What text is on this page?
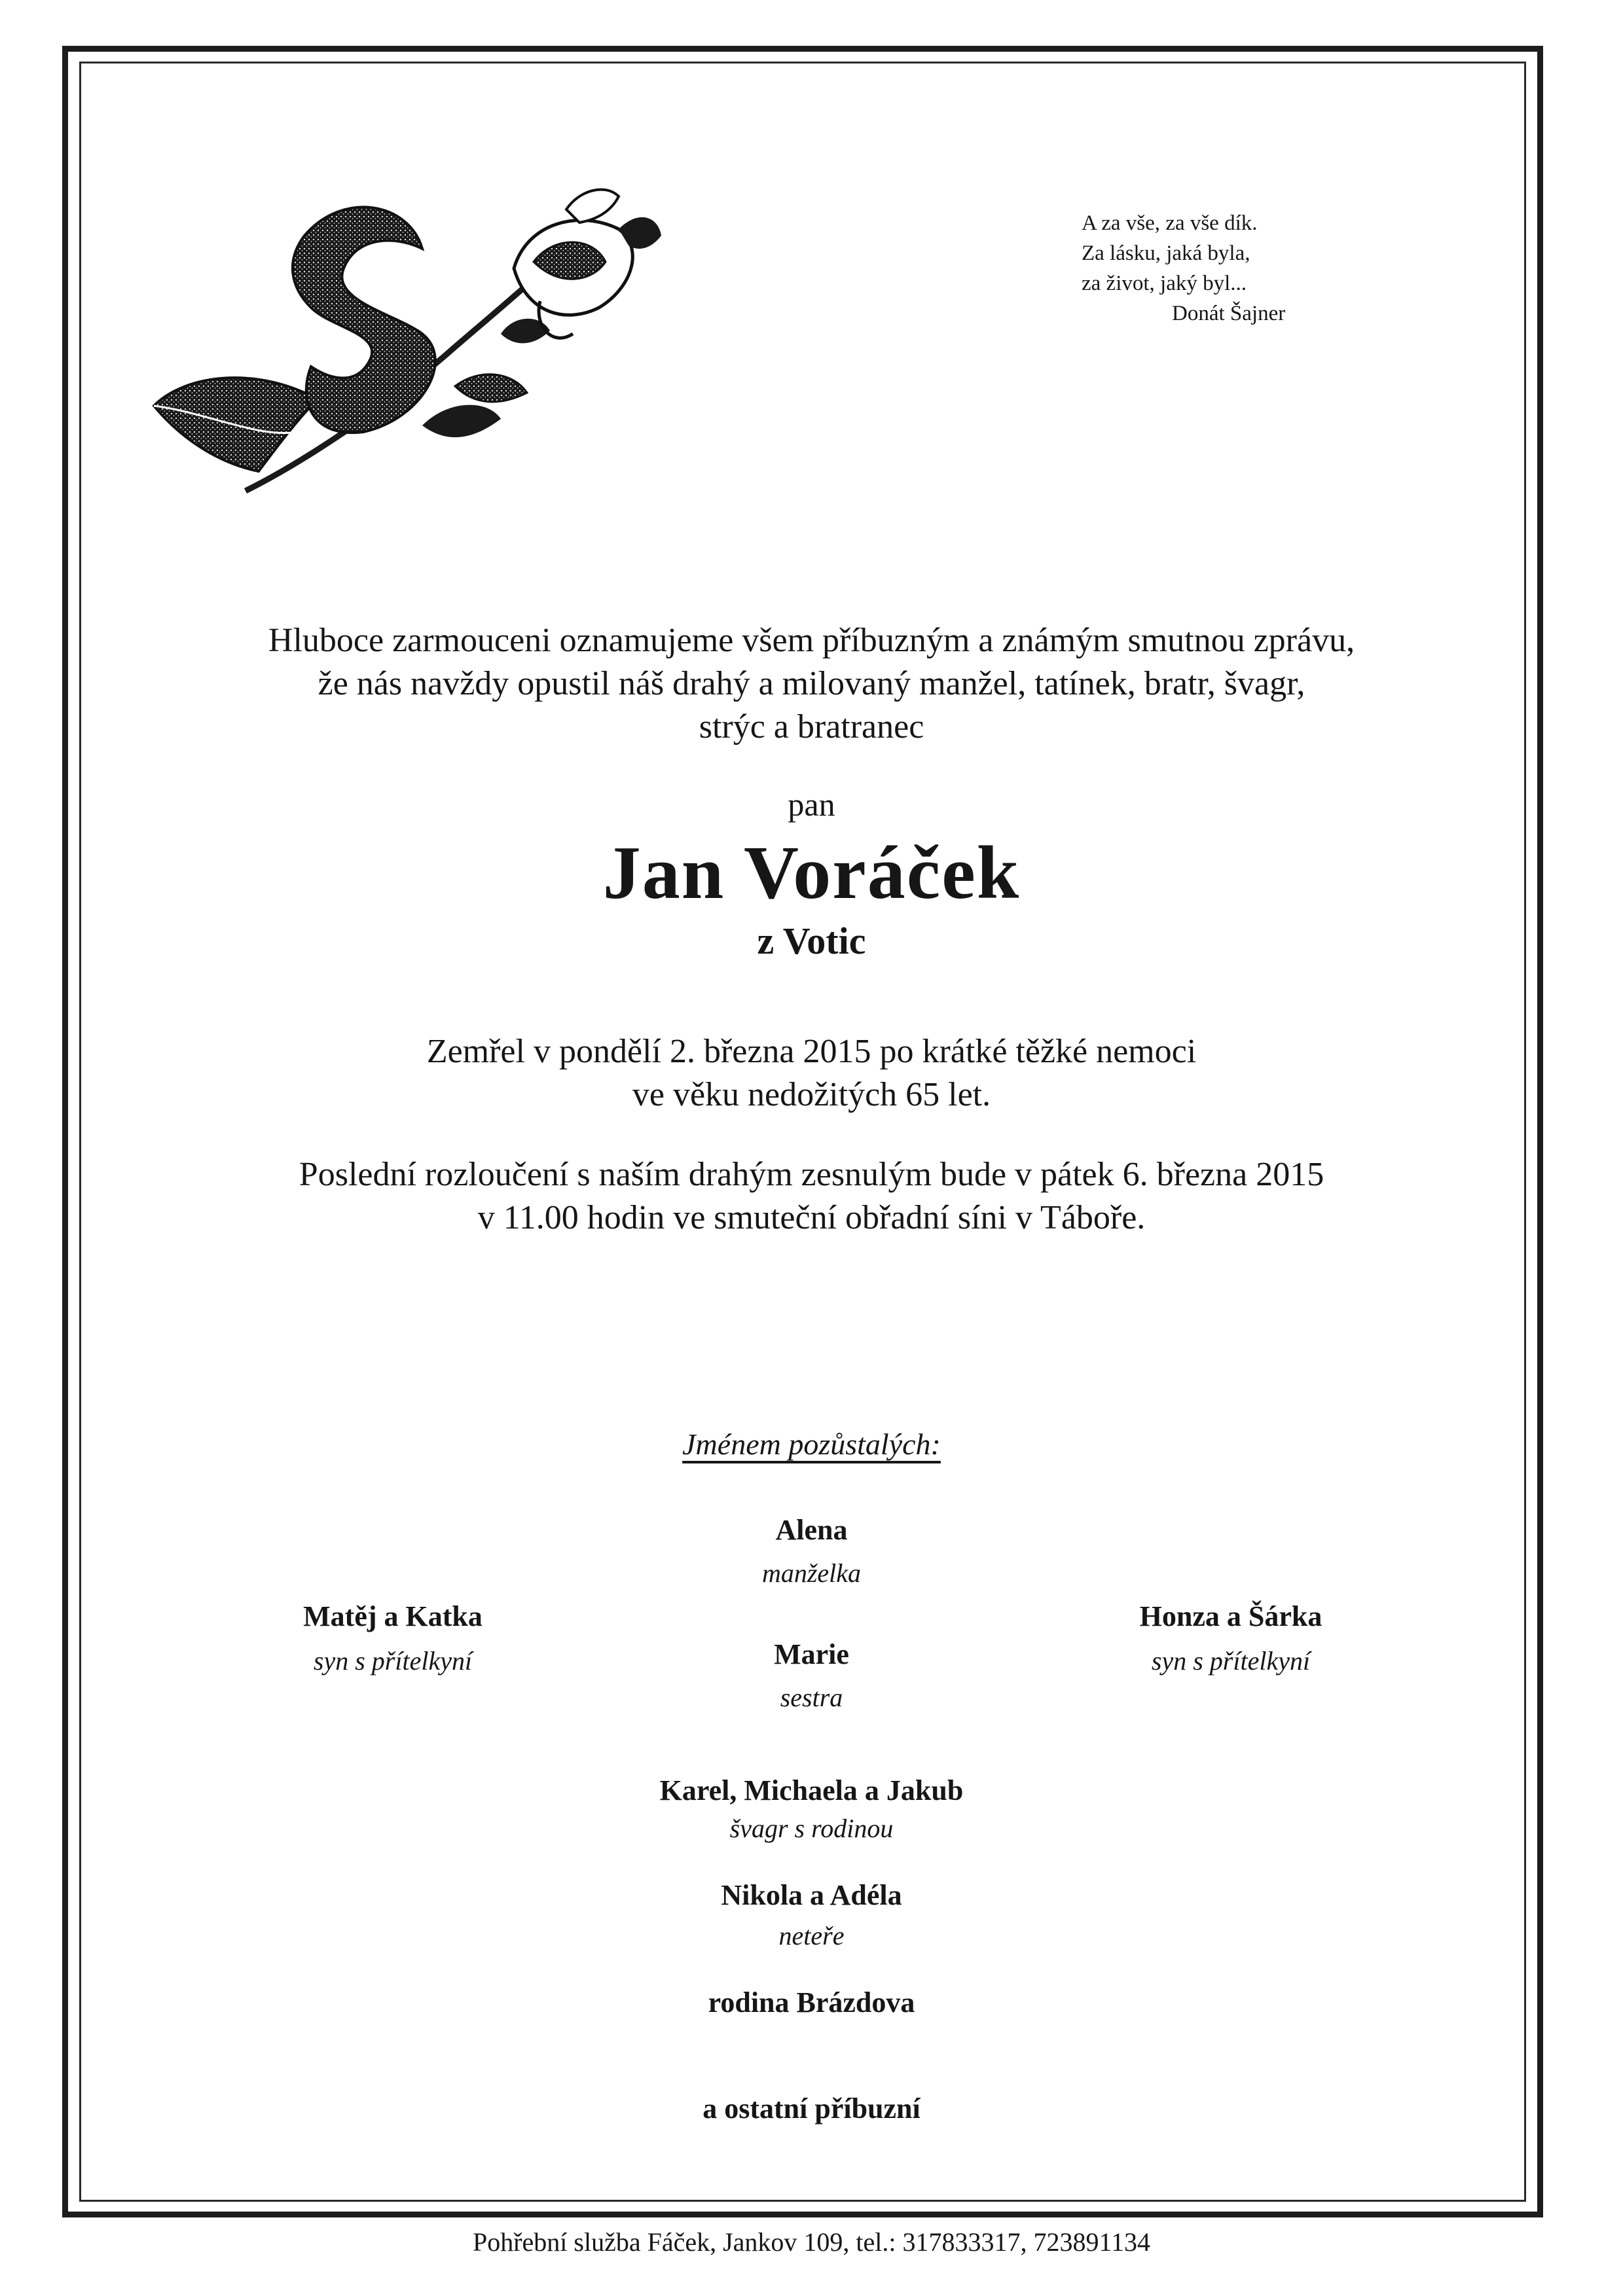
A za vše, za vše dík.
Za lásku, jaká byla,
za život, jaký byl...
Donát Šajner
Hluboce zarmouceni oznamujeme všem příbuzným a známým smutnou zprávu,
že nás navždy opustil náš drahý a milovaný manžel, tatínek, bratr, švagr,
strýc a bratranec
pan
Jan Voráček
z Votic
Zemřel v pondělí 2. března 2015 po krátké těžké nemoci
ve věku nedožitých 65 let.
Poslední rozloučení s naším drahým zesnulým bude v pátek 6. března 2015
v 11.00 hodin ve smuteční obřadní síni v Táboře.
Jménem pozůstalých:
Alena
manželka
Matěj a Katka
syn s přítelkyní
Honza a Šárka
syn s přítelkyní
Marie
sestra
Karel, Michaela a Jakub
švagr s rodinou
Nikola a Adéla
neteře
rodina Brázdova
a ostatní příbuzní
Pohřební služba Fáček, Jankov 109, tel.: 317833317, 723891134
